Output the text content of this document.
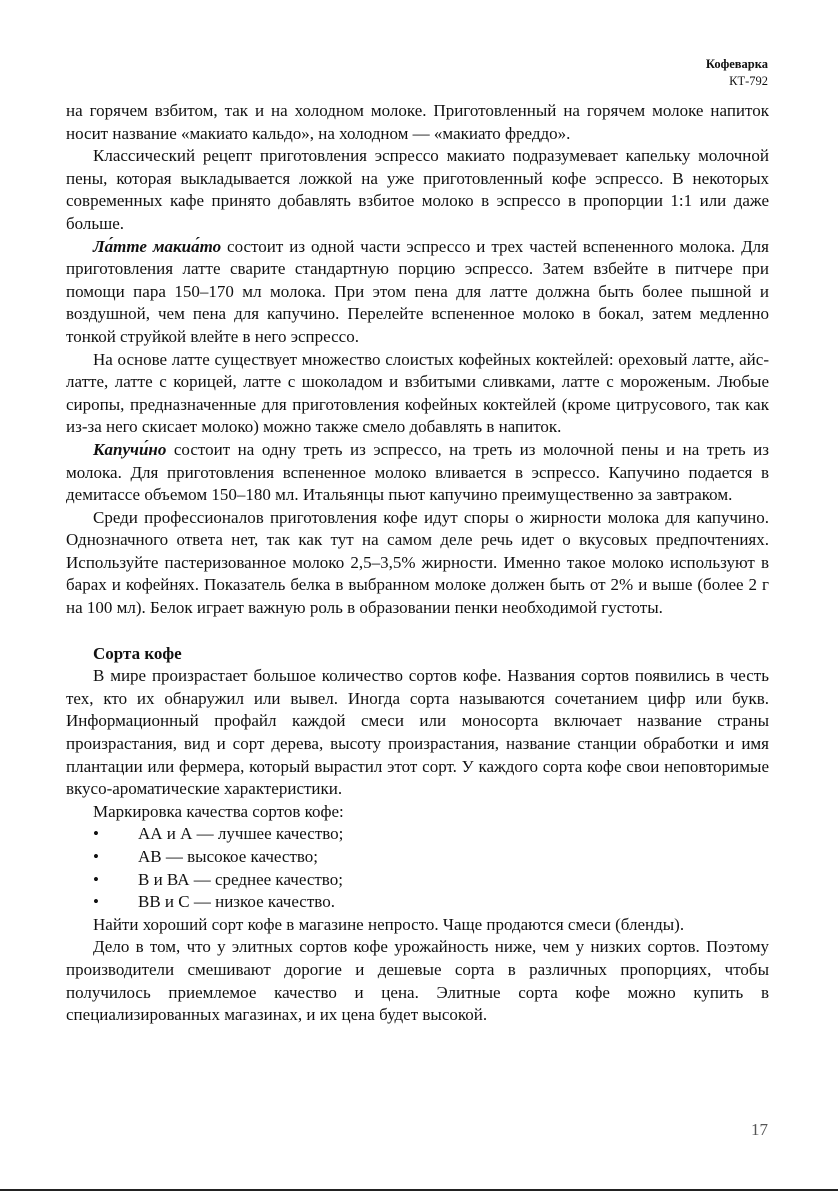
Кофеварка
КТ-792

на горячем взбитом, так и на холодном молоке. Приготовленный на горячем молоке напиток носит название «макиато кальдо», на холодном — «макиато фреддо».

Классический рецепт приготовления эспрессо макиато подразумевает капельку молочной пены, которая выкладывается ложкой на уже приготовленный кофе эспрессо. В некоторых современных кафе принято добавлять взбитое молоко в эспрессо в пропорции 1:1 или даже больше.

Ла́тте макиа́то состоит из одной части эспрессо и трех частей вспененного молока. Для приготовления латте сварите стандартную порцию эспрессо. Затем взбейте в питчере при помощи пара 150–170 мл молока. При этом пена для латте должна быть более пышной и воздушной, чем пена для капучино. Перелейте вспененное молоко в бокал, затем медленно тонкой струйкой влейте в него эспрессо.

На основе латте существует множество слоистых кофейных коктейлей: ореховый латте, айс-латте, латте с корицей, латте с шоколадом и взбитыми сливками, латте с мороженым. Любые сиропы, предназначенные для приготовления кофейных коктейлей (кроме цитрусового, так как из-за него скисает молоко) можно также смело добавлять в напиток.

Капучи́но состоит на одну треть из эспрессо, на треть из молочной пены и на треть из молока. Для приготовления вспененное молоко вливается в эспрессо. Капучино подается в демитассе объемом 150–180 мл. Итальянцы пьют капучино преимущественно за завтраком.

Среди профессионалов приготовления кофе идут споры о жирности молока для капучино. Однозначного ответа нет, так как тут на самом деле речь идет о вкусовых предпочтениях. Используйте пастеризованное молоко 2,5–3,5% жирности. Именно такое молоко используют в барах и кофейнях. Показатель белка в выбранном молоке должен быть от 2% и выше (более 2 г на 100 мл). Белок играет важную роль в образовании пенки необходимой густоты.

Сорта кофе

В мире произрастает большое количество сортов кофе. Названия сортов появились в честь тех, кто их обнаружил или вывел. Иногда сорта называются сочетанием цифр или букв. Информационный профайл каждой смеси или моносорта включает название страны произрастания, вид и сорт дерева, высоту произрастания, название станции обработки и имя плантации или фермера, который вырастил этот сорт. У каждого сорта кофе свои неповторимые вкусо-ароматические характеристики.

Маркировка качества сортов кофе:

• АА и А — лучшее качество;
• АВ — высокое качество;
• В и ВА — среднее качество;
• ВВ и С — низкое качество.

Найти хороший сорт кофе в магазине непросто. Чаще продаются смеси (бленды).

Дело в том, что у элитных сортов кофе урожайность ниже, чем у низких сортов. Поэтому производители смешивают дорогие и дешевые сорта в различных пропорциях, чтобы получилось приемлемое качество и цена. Элитные сорта кофе можно купить в специализированных магазинах, и их цена будет высокой.

17
